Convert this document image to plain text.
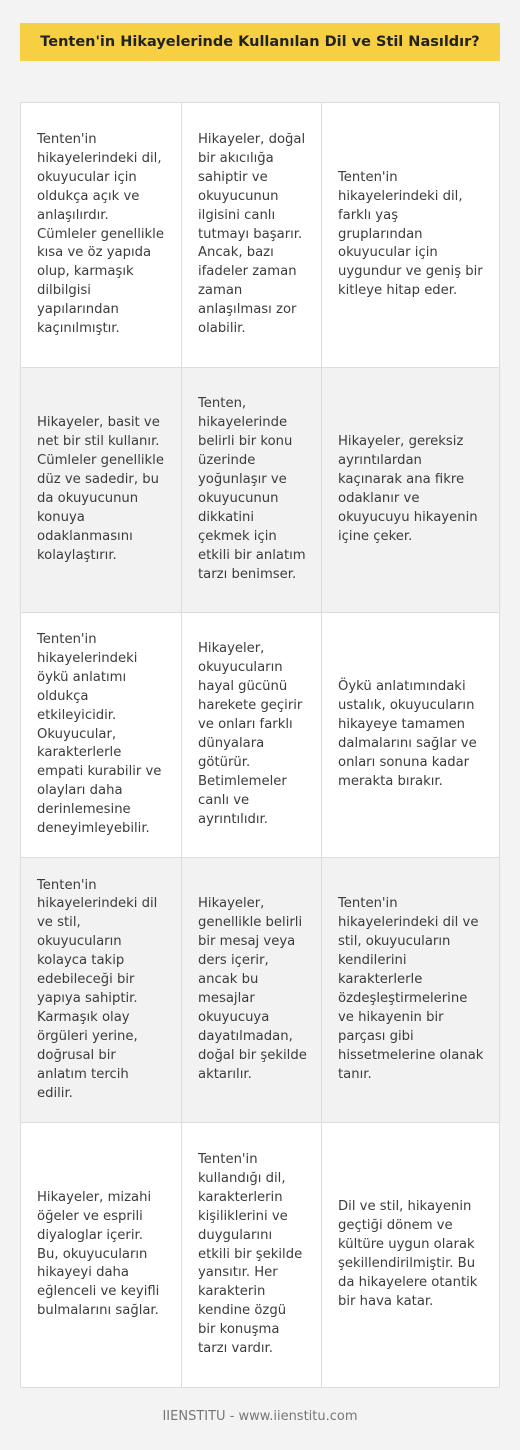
Tenten'in Hikayelerinde Kullanılan Dil ve Stil Nasıldır?
Tenten'in hikayelerindeki dil, okuyucular için oldukça açık ve anlaşılırdır. Cümleler genellikle kısa ve öz yapıda olup, karmaşık dilbilgisi yapılarından kaçınılmıştır.
Hikayeler, doğal bir akıcılığa sahiptir ve okuyucunun ilgisini canlı tutmayı başarır. Ancak, bazı ifadeler zaman zaman anlaşılması zor olabilir.
Tenten'in hikayelerindeki dil, farklı yaş gruplarından okuyucular için uygundur ve geniş bir kitleye hitap eder.
Hikayeler, basit ve net bir stil kullanır. Cümleler genellikle düz ve sadedir, bu da okuyucunun konuya odaklanmasını kolaylaştırır.
Tenten, hikayelerinde belirli bir konu üzerinde yoğunlaşır ve okuyucunun dikkatini çekmek için etkili bir anlatım tarzı benimser.
Hikayeler, gereksiz ayrıntılardan kaçınarak ana fikre odaklanır ve okuyucuyu hikayenin içine çeker.
Tenten'in hikayelerindeki öykü anlatımı oldukça etkileyicidir. Okuyucular, karakterlerle empati kurabilir ve olayları daha derinlemesine deneyimleyebilir.
Hikayeler, okuyucuların hayal gücünü harekete geçirir ve onları farklı dünyalara götürür. Betimlemeler canlı ve ayrıntılıdır.
Öykü anlatımındaki ustalık, okuyucuların hikayeye tamamen dalmalarını sağlar ve onları sonuna kadar merakta bırakır.
Tenten'in hikayelerindeki dil ve stil, okuyucuların kolayca takip edebileceği bir yapıya sahiptir. Karmaşık olay örgüleri yerine, doğrusal bir anlatım tercih edilir.
Hikayeler, genellikle belirli bir mesaj veya ders içerir, ancak bu mesajlar okuyucuya dayatılmadan, doğal bir şekilde aktarılır.
Tenten'in hikayelerindeki dil ve stil, okuyucuların kendilerini karakterlerle özdeşleştirmelerine ve hikayenin bir parçası gibi hissetmelerine olanak tanır.
Hikayeler, mizahi öğeler ve esprili diyaloglar içerir. Bu, okuyucuların hikayeyi daha eğlenceli ve keyifli bulmalarını sağlar.
Tenten'in kullandığı dil, karakterlerin kişiliklerini ve duygularını etkili bir şekilde yansıtır. Her karakterin kendine özgü bir konuşma tarzı vardır.
Dil ve stil, hikayenin geçtiği dönem ve kültüre uygun olarak şekillendirilmiştir. Bu da hikayelere otantik bir hava katar.
IIENSTITU - www.iienstitu.com
